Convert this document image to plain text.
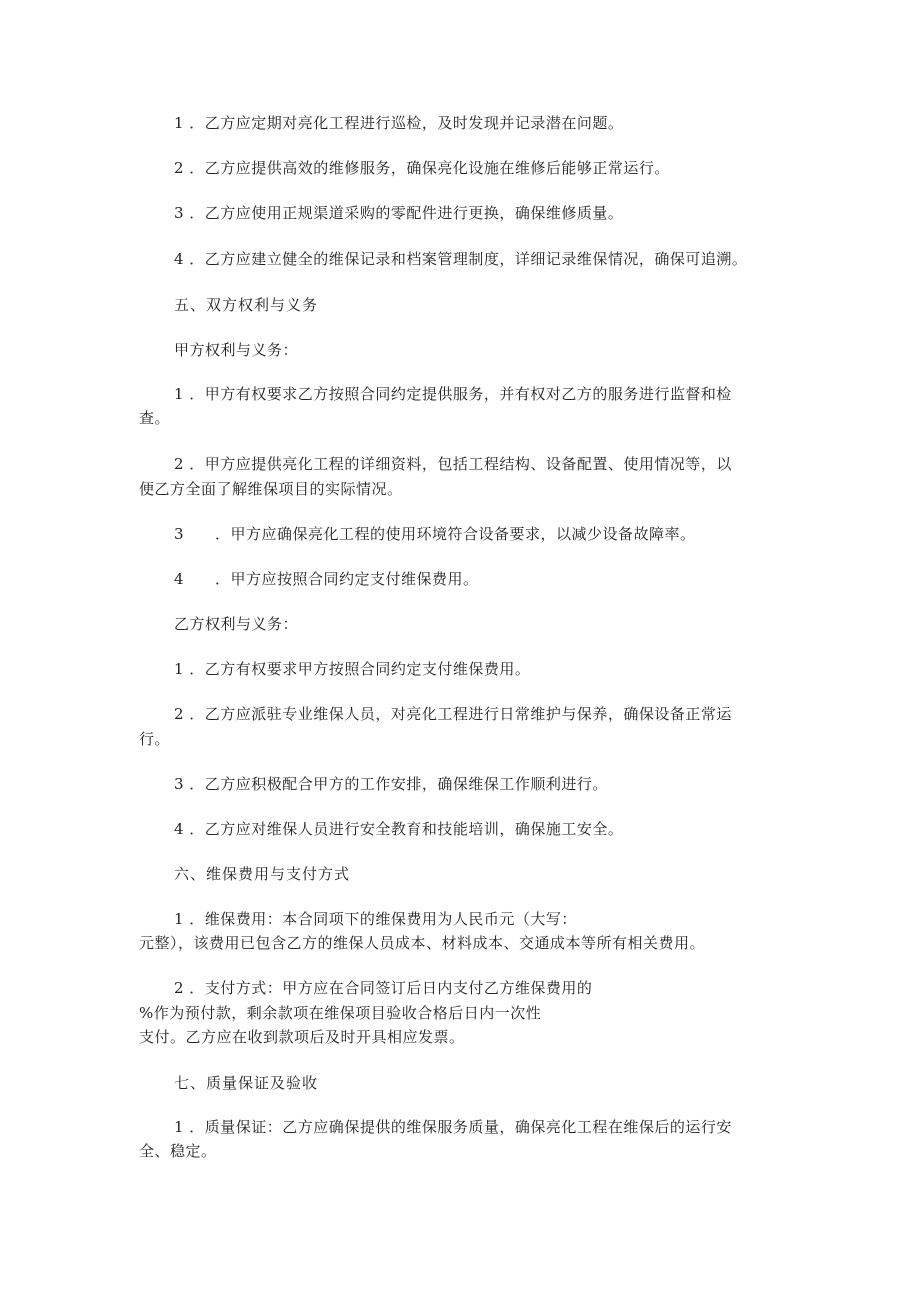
1 ．乙方应定期对亮化工程进行巡检，及时发现并记录潜在问题。
2 ．乙方应提供高效的维修服务，确保亮化设施在维修后能够正常运行。
3 ．乙方应使用正规渠道采购的零配件进行更换，确保维修质量。
4 ．乙方应建立健全的维保记录和档案管理制度，详细记录维保情况，确保可追溯。
五、双方权利与义务
甲方权利与义务：
1 ．甲方有权要求乙方按照合同约定提供服务，并有权对乙方的服务进行监督和检
查。
2 ．甲方应提供亮化工程的详细资料，包括工程结构、设备配置、使用情况等，以
便乙方全面了解维保项目的实际情况。
3　　．甲方应确保亮化工程的使用环境符合设备要求，以减少设备故障率。
4　　．甲方应按照合同约定支付维保费用。
乙方权利与义务：
1 ．乙方有权要求甲方按照合同约定支付维保费用。
2 ．乙方应派驻专业维保人员，对亮化工程进行日常维护与保养，确保设备正常运
行。
3 ．乙方应积极配合甲方的工作安排，确保维保工作顺利进行。
4 ．乙方应对维保人员进行安全教育和技能培训，确保施工安全。
六、维保费用与支付方式
1 ．维保费用：本合同项下的维保费用为人民币元（大写：
元整），该费用已包含乙方的维保人员成本、材料成本、交通成本等所有相关费用。
2 ．支付方式：甲方应在合同签订后日内支付乙方维保费用的
%作为预付款，剩余款项在维保项目验收合格后日内一次性
支付。乙方应在收到款项后及时开具相应发票。
七、质量保证及验收
1 ．质量保证：乙方应确保提供的维保服务质量，确保亮化工程在维保后的运行安
全、稳定。
